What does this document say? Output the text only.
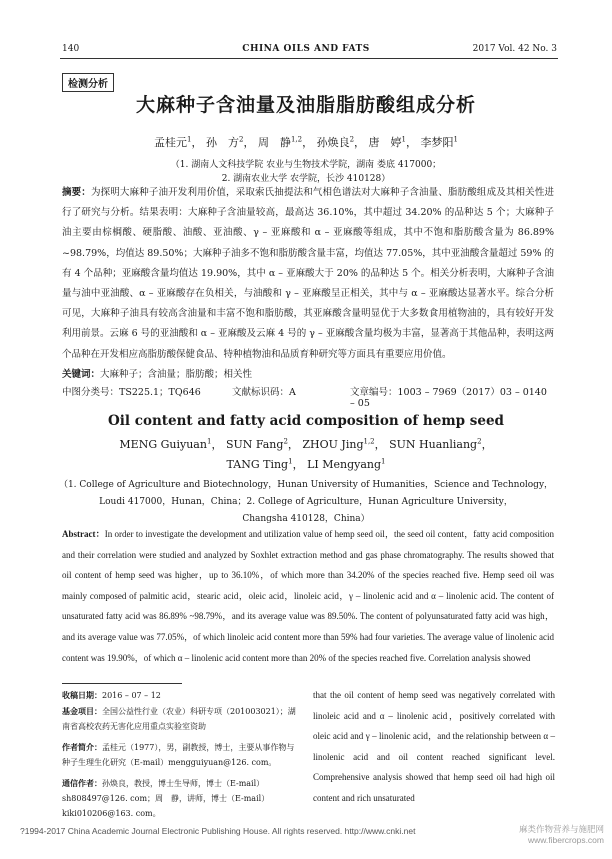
140	CHINA OILS AND FATS	2017 Vol. 42 No. 3
检测分析
大麻种子含油量及油脂脂肪酸组成分析
孟桂元$^1$， 孙　方$^2$， 周　静$^{1,2}$， 孙焕良$^2$， 唐　婷$^1$， 李梦阳$^1$
（1. 湖南人文科技学院 农业与生物技术学院，湖南 娄底 417000；
2. 湖南农业大学 农学院，长沙 410128）
摘要：为探明大麻种子油开发利用价值，采取索氏抽提法和气相色谱法对大麻种子含油量、脂肪酸组成及其相关性进行了研究与分析。结果表明：大麻种子含油量较高，最高达 36.10%，其中超过 34.20% 的品种达 5 个；大麻种子油主要由棕榈酸、硬脂酸、油酸、亚油酸、γ – 亚麻酸和 α – 亚麻酸等组成，其中不饱和脂肪酸含量为 86.89% ~98.79%，均值达 89.50%；大麻种子油多不饱和脂肪酸含量丰富，均值达 77.05%，其中亚油酸含量超过 59% 的有 4 个品种；亚麻酸含量均值达 19.90%，其中 α – 亚麻酸大于 20% 的品种达 5 个。相关分析表明，大麻种子含油量与油中亚油酸、α – 亚麻酸存在负相关，与油酸和 γ – 亚麻酸呈正相关，其中与 α – 亚麻酸达显著水平。综合分析可见，大麻种子油具有较高含油量和丰富不饱和脂肪酸，其亚麻酸含量明显优于大多数食用植物油的，具有较好开发利用前景。云麻 6 号的亚油酸和 α – 亚麻酸及云麻 4 号的 γ – 亚麻酸含量均极为丰富，显著高于其他品种，表明这两个品种在开发相应高脂肪酸保健食品、特种植物油和品质育种研究等方面具有重要应用价值。
关键词：大麻种子；含油量；脂肪酸；相关性
中图分类号：TS225.1；TQ646	文献标识码：A	文章编号：1003 – 7969（2017）03 – 0140 – 05
Oil content and fatty acid composition of hemp seed
MENG Guiyuan$^1$， SUN Fang$^2$， ZHOU Jing$^{1,2}$， SUN Huanliang$^2$，
TANG Ting$^1$， LI Mengyang$^1$
（1. College of Agriculture and Biotechnology，Hunan University of Humanities，Science and Technology，
Loudi 417000，Hunan，China；2. College of Agriculture，Hunan Agriculture University，
Changsha 410128，China）
Abstract：In order to investigate the development and utilization value of hemp seed oil，the seed oil content，fatty acid composition and their correlation were studied and analyzed by Soxhlet extraction method and gas phase chromatography. The results showed that oil content of hemp seed was higher，up to 36.10%，of which more than 34.20% of the species reached five. Hemp seed oil was mainly composed of palmitic acid，stearic acid，oleic acid，linoleic acid，γ – linolenic acid and α – linolenic acid. The content of unsaturated fatty acid was 86.89% ~98.79%，and its average value was 89.50%. The content of polyunsaturated fatty acid was high，and its average value was 77.05%，of which linoleic acid content more than 59% had four varieties. The average value of linolenic acid content was 19.90%，of which α – linolenic acid content more than 20% of the species reached five. Correlation analysis showed
that the oil content of hemp seed was negatively correlated with linoleic acid and α – linolenic acid，positively correlated with oleic acid and γ – linolenic acid，and the relationship between α – linolenic acid and oil content reached significant level. Comprehensive analysis showed that hemp seed oil had high oil content and rich unsaturated
收稿日期：2016 – 07 – 12
基金项目：全国公益性行业（农业）科研专项（201003021）；湖南省高校农药无害化应用重点实验室资助
作者简介：孟桂元（1977），男，副教授，博士，主要从事作物与种子生理生化研究（E-mail）mengguiyuan@126. com。
通信作者：孙焕良，教授，博士生导师，博士（E-mail）sh808497@126. com；周　静，讲师，博士（E-mail）kiki010206@163. com。
?1994-2017 China Academic Journal Electronic Publishing House. All rights reserved. http://www.cnki.net	麻类作物营养与施肥网
www.fibercrops.com
